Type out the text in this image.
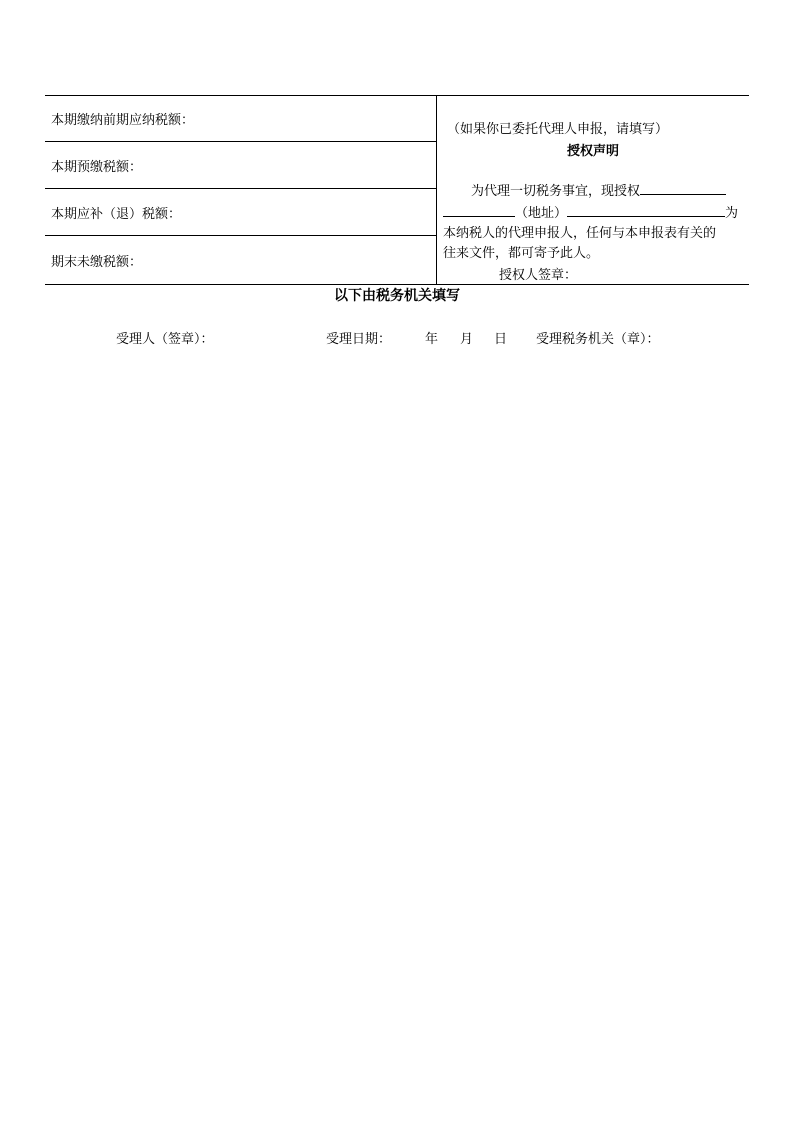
本期缴纳前期应纳税额：
本期预缴税额：
本期应补（退）税额：
期末未缴税额：
（如果你已委托代理人申报，请填写）
授权声明
为代理一切税务事宜，现授权
（地址）	为
本纳税人的代理申报人，任何与本申报表有关的
往来文件，都可寄予此人。
授权人签章：
以下由税务机关填写
受理人（签章）：	受理日期：	年 月 日 受理税务机关（章）：
